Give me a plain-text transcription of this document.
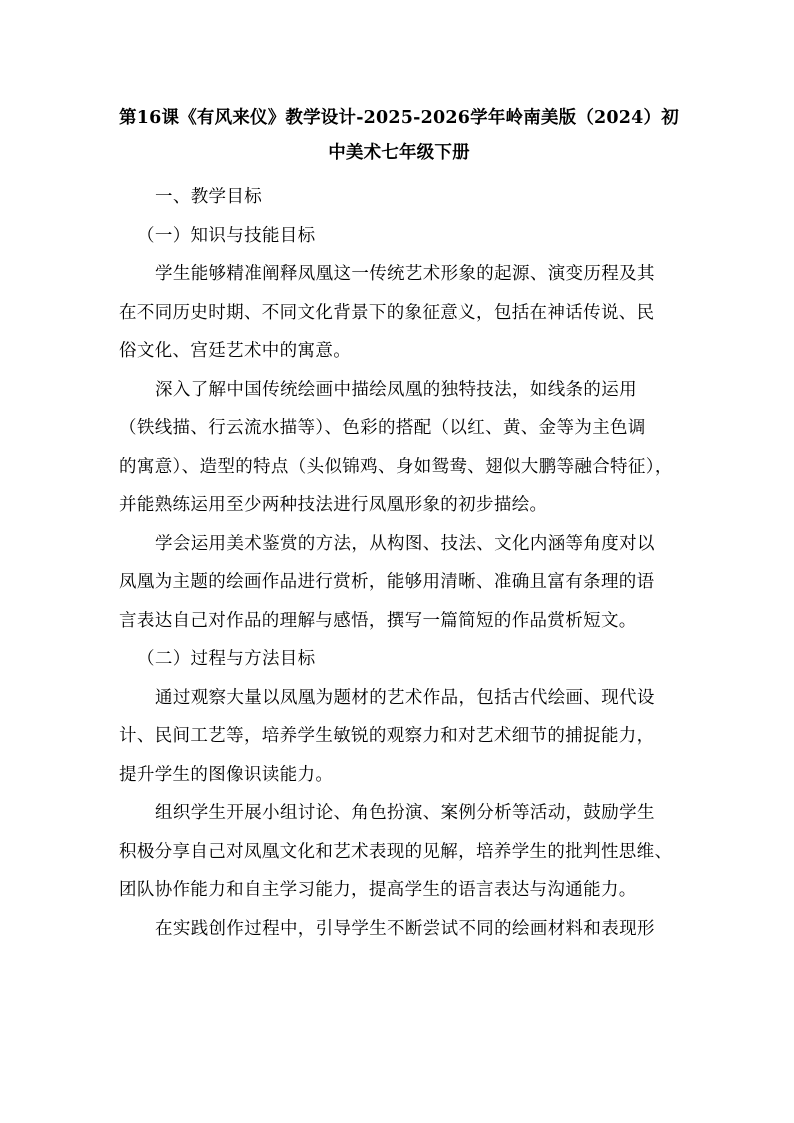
第16课《有风来仪》教学设计-2025-2026学年岭南美版（2024）初
中美术七年级下册

一、教学目标

（一）知识与技能目标

学生能够精准阐释凤凰这一传统艺术形象的起源、演变历程及其
在不同历史时期、不同文化背景下的象征意义，包括在神话传说、民
俗文化、宫廷艺术中的寓意。

深入了解中国传统绘画中描绘凤凰的独特技法，如线条的运用
（铁线描、行云流水描等）、色彩的搭配（以红、黄、金等为主色调
的寓意）、造型的特点（头似锦鸡、身如鸳鸯、翅似大鹏等融合特征），
并能熟练运用至少两种技法进行凤凰形象的初步描绘。

学会运用美术鉴赏的方法，从构图、技法、文化内涵等角度对以
凤凰为主题的绘画作品进行赏析，能够用清晰、准确且富有条理的语
言表达自己对作品的理解与感悟，撰写一篇简短的作品赏析短文。

（二）过程与方法目标

通过观察大量以凤凰为题材的艺术作品，包括古代绘画、现代设
计、民间工艺等，培养学生敏锐的观察力和对艺术细节的捕捉能力，
提升学生的图像识读能力。

组织学生开展小组讨论、角色扮演、案例分析等活动，鼓励学生
积极分享自己对凤凰文化和艺术表现的见解，培养学生的批判性思维、
团队协作能力和自主学习能力，提高学生的语言表达与沟通能力。

在实践创作过程中，引导学生不断尝试不同的绘画材料和表现形
